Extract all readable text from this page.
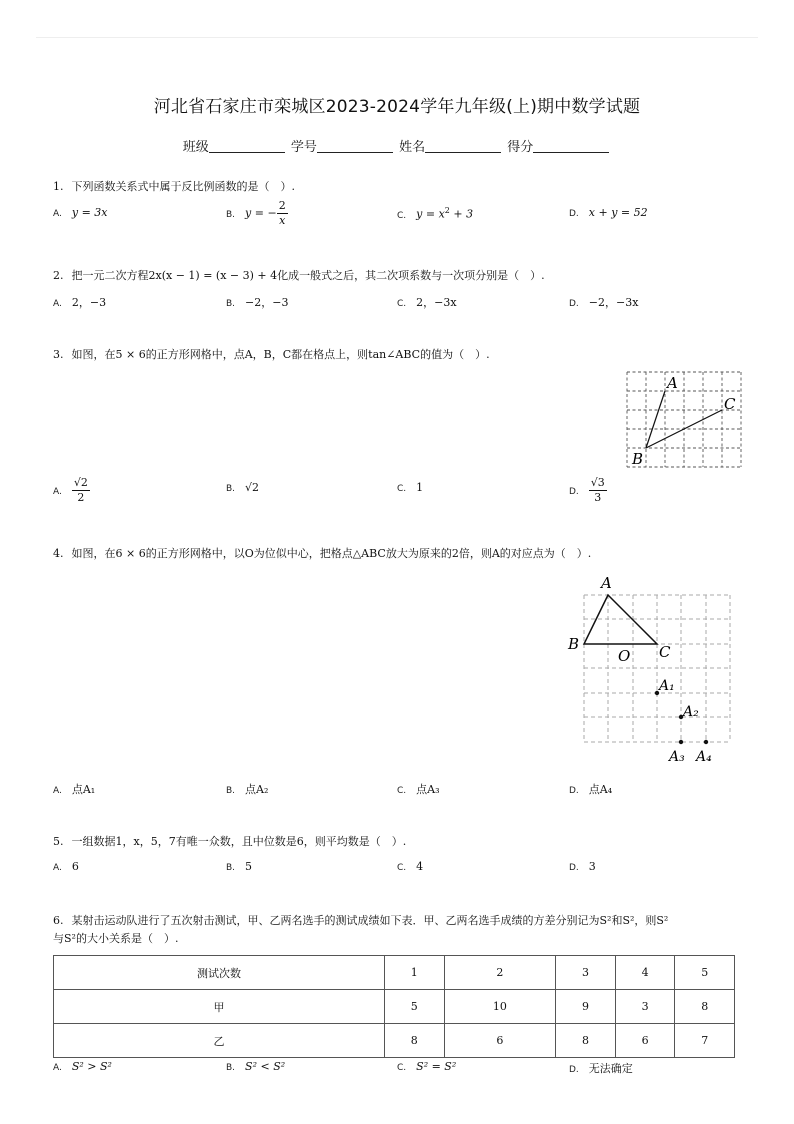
河北省石家庄市栾城区2023-2024学年九年级(上)期中数学试题
班级	学号	姓名	得分
1. 下列函数关系式中属于反比例函数的是（　）.
A. y = 3x	B. y = − $\frac{2}{x}$	C. $y = x^2 + 3$	D. x + y = 52
2. 把一元二次方程2x(x − 1) = (x − 3) + 4化成一般式之后，其二次项系数与一次项分别是（　）.
A. 2，−3	B. −2，−3	C. 2，−3x	D. −2，−3x
3. 如图，在5 × 6的正方形网格中，点A，B，C都在格点上，则tan∠ABC的值为（　）.
A
B
C
A. $\frac{√2}{2}$	B. √2	C. 1	D. $\frac{√3}{3}$
4. 如图，在6 × 6的正方形网格中，以O为位似中心，把格点△ABC放大为原来的2倍，则A的对应点为（　）.
A
B	C
O
A₁
A₂
A₃ A₄
A. 点A₁	B. 点A₂	C. 点A₃	D. 点A₄
5. 一组数据1，x，5，7有唯一众数，且中位数是6，则平均数是（　）.
A. 6	B. 5	C. 4	D. 3
6. 某射击运动队进行了五次射击测试，甲、乙两名选手的测试成绩如下表．甲、乙两名选手成绩的方差分别记为S²和S²，则S²
与S²的大小关系是（　）.
测试次数	1	2	3	4	5
甲	5	10	9	3	8
乙	8	6	8	6	7
A. S² > S²	B. S² < S²	C. S² = S²	D. 无法确定
